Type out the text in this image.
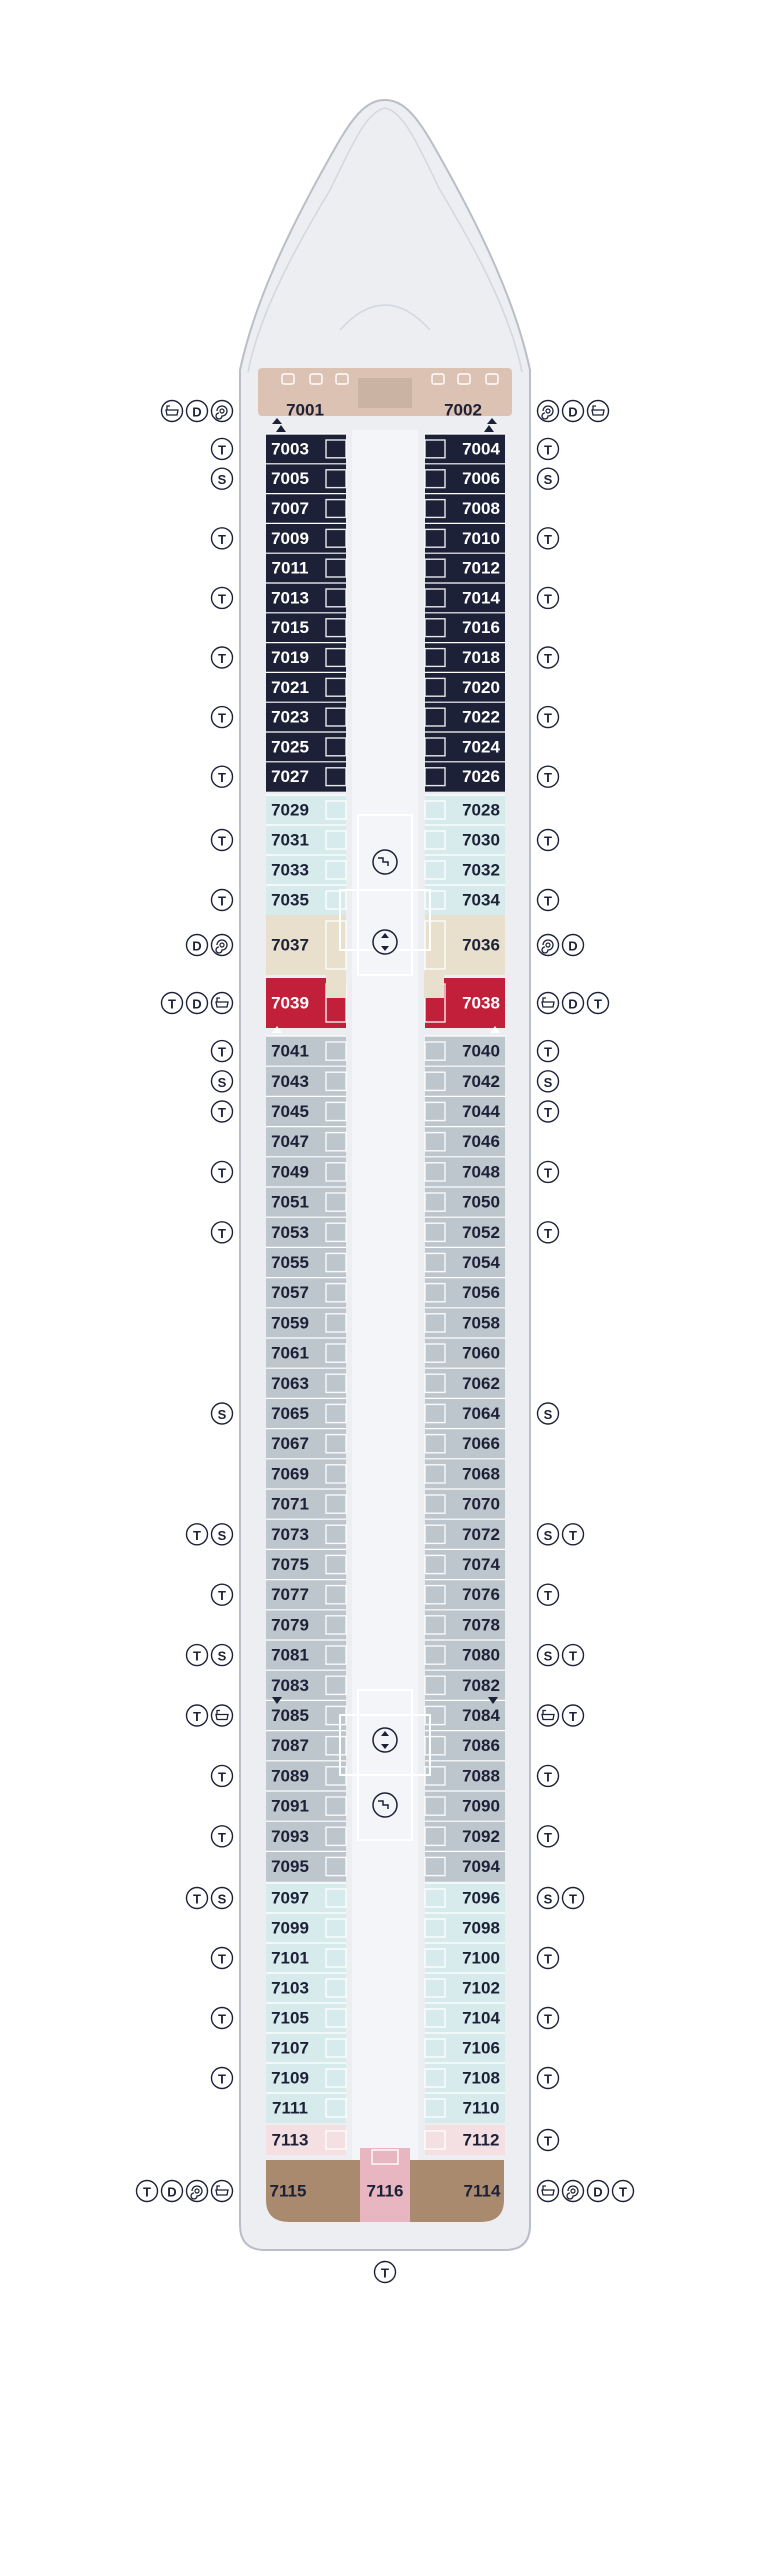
7001	7002
7003
7005
7007
7009
7011
7013
7015
7019
7021
7023
7025
7027
7004
7006
7008
7010
7012
7014
7016
7018
7020
7022
7024
7026
7029
7031
7033
7035
7028
7030
7032
7034
7037	7036
7039	7038
7041
7043
7045
7047
7049
7051
7053
7055
7057
7059
7061
7063
7065
7067
7069
7071
7073
7075
7077
7079
7081
7083
7085
7087
7089
7091
7093
7095
7040
7042
7044
7046
7048
7050
7052
7054
7056
7058
7060
7062
7064
7066
7068
7070
7072
7074
7076
7078
7080
7082
7084
7086
7088
7090
7092
7094
7097
7099
7101
7103
7105
7107
7109
7111
7096
7098
7100
7102
7104
7106
7108
7110
7113	7112
7115	7116	7114
D
T
S
T
T
T
T
T
T
T
D
T D
T
S
T
T
T
S
T S
T
T S
T
T
T
T S
T
T
T
T D
D
T
S
T
T
T
T
T
T
T
D
D T
T
S
T
T
T
S
S T
T
S T
T
T
T
S T
T
T
T
T
D T
T
